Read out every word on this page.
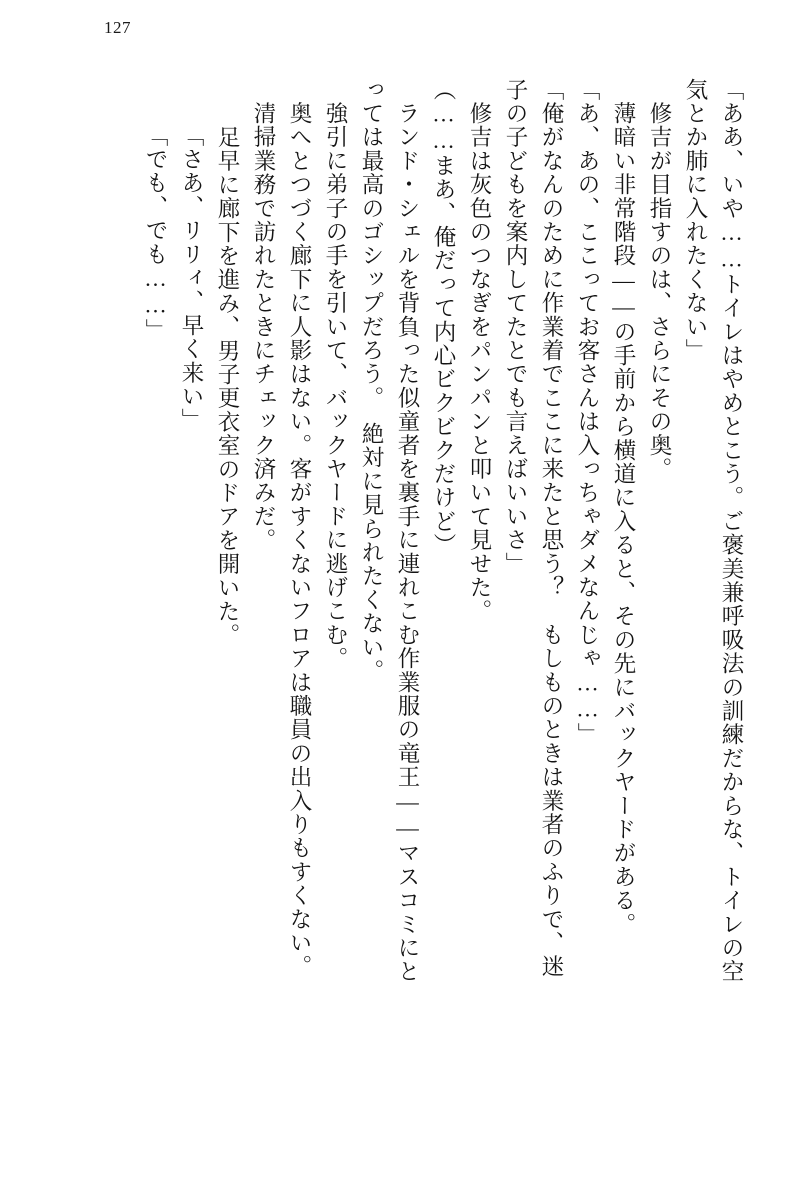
127
「ああ、いや……トイレはやめとこう。ご褒美兼呼吸法の訓練だからな、トイレの空
気とか肺に入れたくない」
　修吉が目指すのは、さらにその奥。
　薄暗い非常階段――の手前から横道に入ると、その先にバックヤードがある。
「あ、あの、ここってお客さんは入っちゃダメなんじゃ……」
「俺がなんのために作業着でここに来たと思う？　もしものときは業者のふりで、迷
子の子どもを案内してたとでも言えばいいさ」
　修吉は灰色のつなぎをパンパンと叩いて見せた。
（……まあ、俺だって内心ビクビクだけど）
　ランド・シェルを背負った似童者を裏手に連れこむ作業服の竜王――マスコミにと
っては最高のゴシップだろう。　絶対に見られたくない。
　強引に弟子の手を引いて、バックヤードに逃げこむ。
　奥へとつづく廊下に人影はない。客がすくないフロアは職員の出入りもすくない。
　清掃業務で訪れたときにチェック済みだ。
　足早に廊下を進み、男子更衣室のドアを開いた。
「さあ、リリィ、早く来い」
「でも、でも……」
